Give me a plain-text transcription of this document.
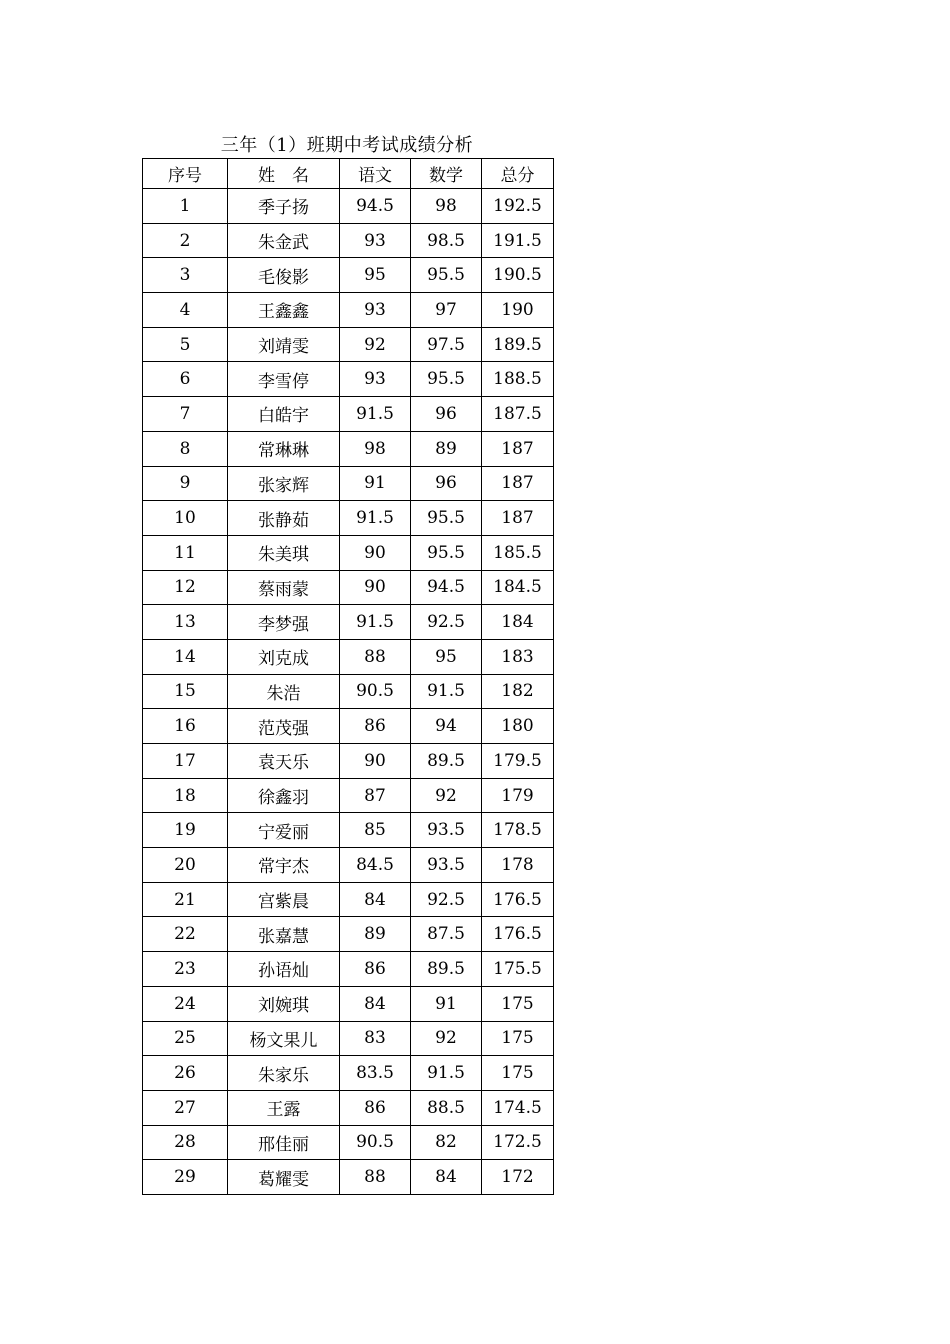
三年（1）班期中考试成绩分析
序号	姓　名	语文	数学	总分
1	季子扬	94.5	98	192.5
2	朱金武	93	98.5	191.5
3	毛俊影	95	95.5	190.5
4	王鑫鑫	93	97	190
5	刘靖雯	92	97.5	189.5
6	李雪停	93	95.5	188.5
7	白皓宇	91.5	96	187.5
8	常琳琳	98	89	187
9	张家辉	91	96	187
10	张静茹	91.5	95.5	187
11	朱美琪	90	95.5	185.5
12	蔡雨蒙	90	94.5	184.5
13	李梦强	91.5	92.5	184
14	刘克成	88	95	183
15	朱浩	90.5	91.5	182
16	范茂强	86	94	180
17	袁天乐	90	89.5	179.5
18	徐鑫羽	87	92	179
19	宁爱丽	85	93.5	178.5
20	常宇杰	84.5	93.5	178
21	宫紫晨	84	92.5	176.5
22	张嘉慧	89	87.5	176.5
23	孙语灿	86	89.5	175.5
24	刘婉琪	84	91	175
25	杨文果儿	83	92	175
26	朱家乐	83.5	91.5	175
27	王露	86	88.5	174.5
28	邢佳丽	90.5	82	172.5
29	葛耀雯	88	84	172
